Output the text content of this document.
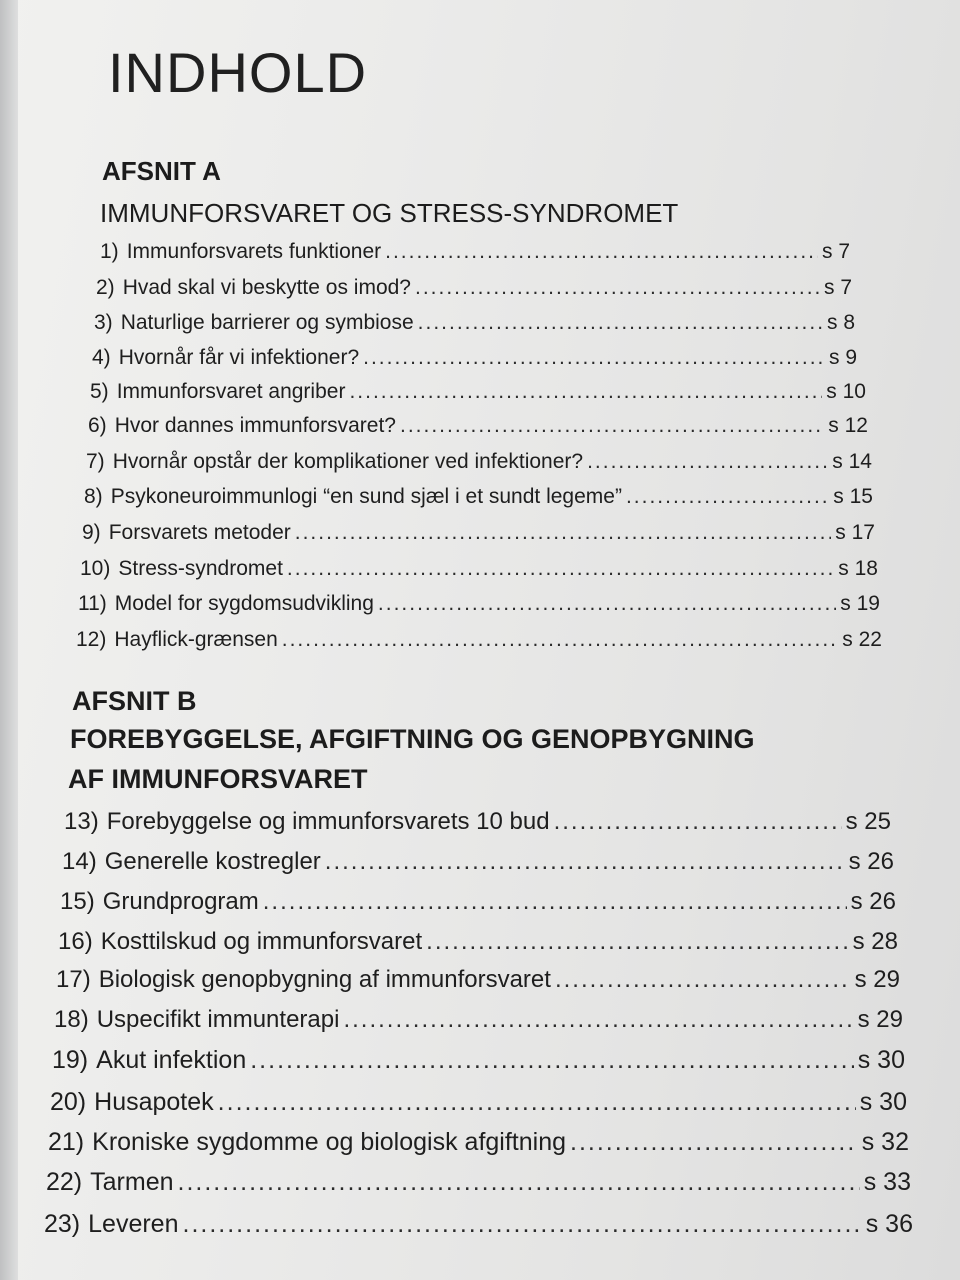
INDHOLD
AFSNIT A
IMMUNFORSVARET OG STRESS-SYNDROMET
AFSNIT B
FOREBYGGELSE, AFGIFTNING OG GENOPBYGNING
AF IMMUNFORSVARET
1) Immunforsvarets funktioner .....	s 7
2) Hvad skal vi beskytte os imod? .....	s 7
3) Naturlige barrierer og symbiose .....	s 8
4) Hvornår får vi infektioner? .....	s 9
5) Immunforsvaret angriber .....	s 10
6) Hvor dannes immunforsvaret? .....	s 12
7) Hvornår opstår der komplikationer ved infektioner? .....	s 14
8) Psykoneuroimmunlogi “en sund sjæl i et sundt legeme” .....	s 15
9) Forsvarets metoder .....	s 17
10) Stress-syndromet .....	s 18
11) Model for sygdomsudvikling .....	s 19
12) Hayflick-grænsen .....	s 22
13) Forebyggelse og immunforsvarets 10 bud .....	s 25
14) Generelle kostregler .....	s 26
15) Grundprogram .....	s 26
16) Kosttilskud og immunforsvaret .....	s 28
17) Biologisk genopbygning af immunforsvaret .....	s 29
18) Uspecifikt immunterapi .....	s 29
19) Akut infektion .....	s 30
20) Husapotek .....	s 30
21) Kroniske sygdomme og biologisk afgiftning .....	s 32
22) Tarmen .....	s 33
23) Leveren .....	s 36
